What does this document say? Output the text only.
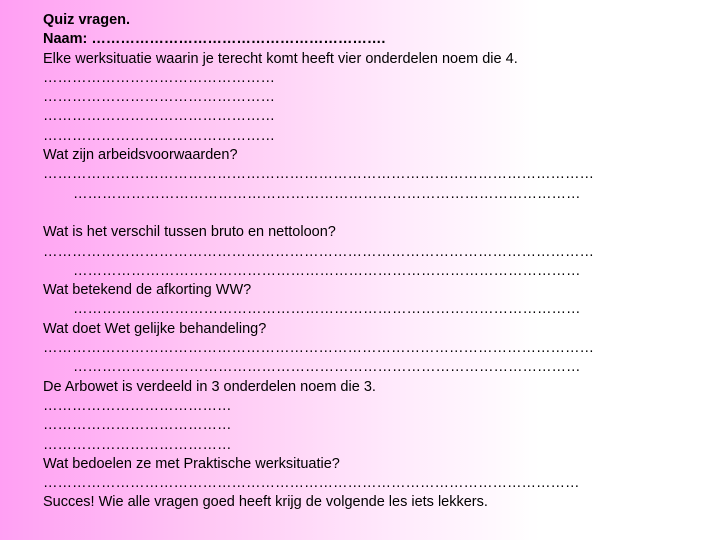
Quiz vragen.
Naam: …………………………………………………….
Elke werksituatie waarin je terecht komt heeft vier onderdelen noem die 4.
…………………………………………
…………………………………………
…………………………………………
…………………………………………
Wat zijn arbeidsvoorwaarden?
……………………………………………………………………………………………………
……………………………………………………………………………………………
Wat is het verschil tussen bruto en nettoloon?
……………………………………………………………………………………………………
……………………………………………………………………………………………
Wat betekend de afkorting WW?
……………………………………………………………………………………………
Wat doet Wet gelijke behandeling?
……………………………………………………………………………………………………
……………………………………………………………………………………………
De Arbowet is verdeeld in 3 onderdelen noem die 3.
…………………………………
…………………………………
…………………………………
Wat bedoelen ze met Praktische werksituatie?
…………………………………………………………………………………………………
Succes! Wie alle vragen goed heeft krijg de volgende les iets lekkers.
